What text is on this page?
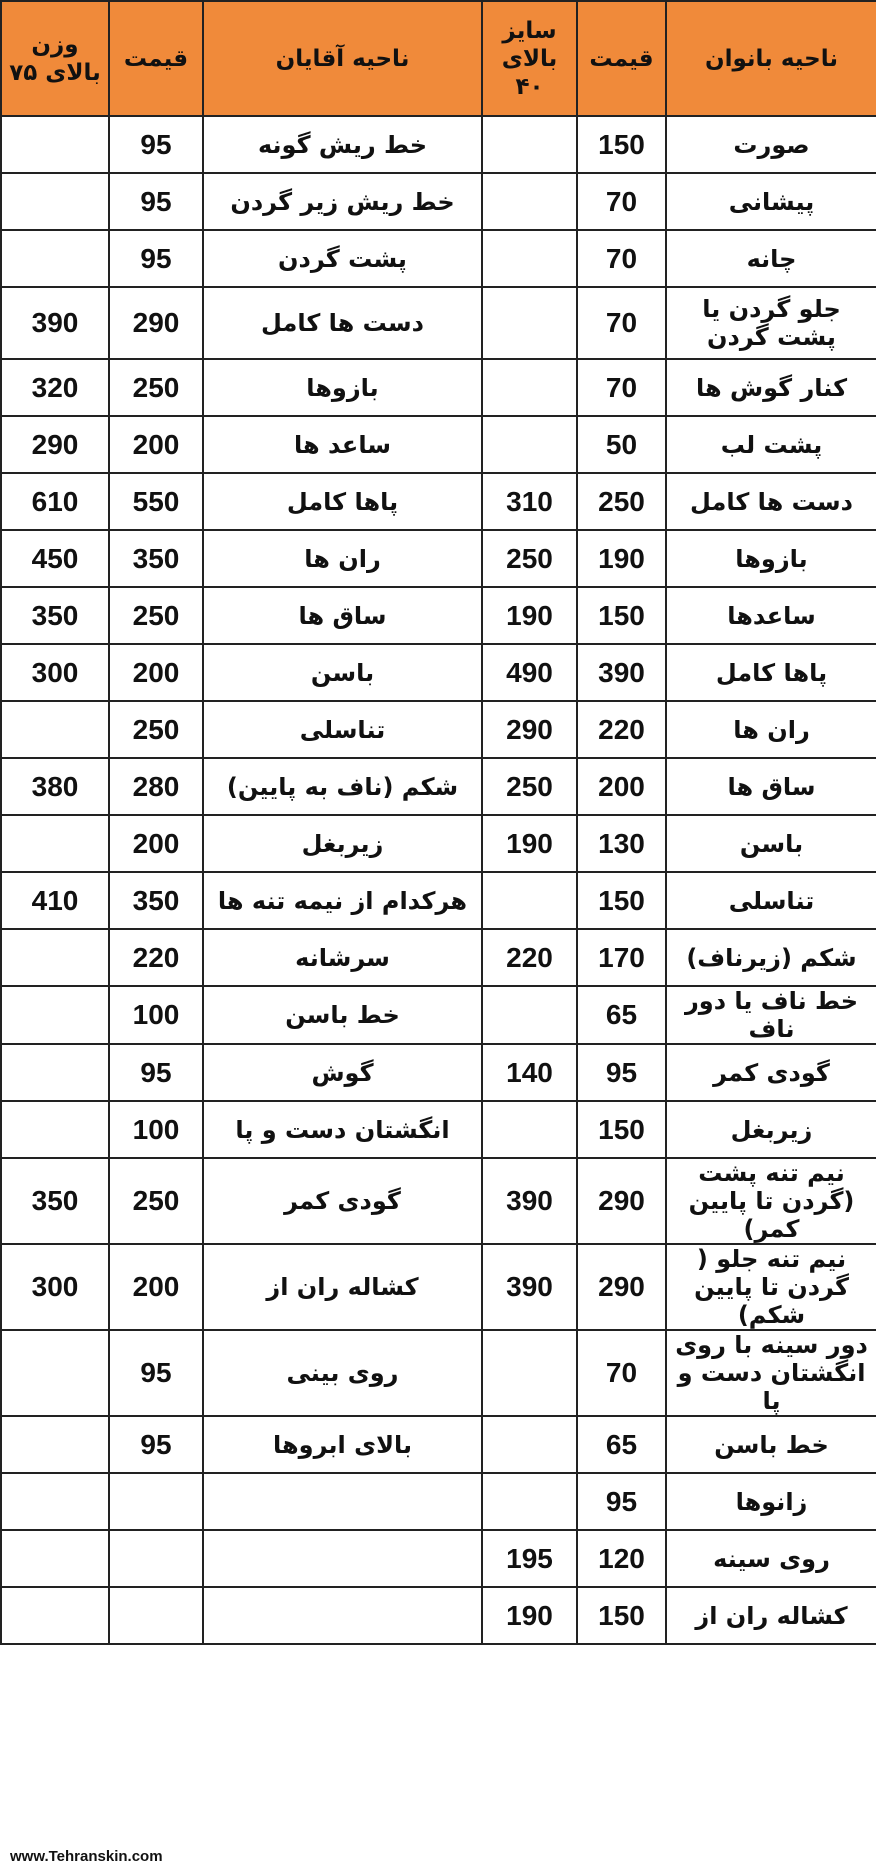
ناحیه بانوان	قیمت	سایز بالای ۴۰	ناحیه آقایان	قیمت	وزن بالای ۷۵
صورت	150		خط ریش گونه	95	
پیشانی	70		خط ریش زیر گردن	95	
چانه	70		پشت گردن	95	
جلو گردن یا پشت گردن	70		دست ها کامل	290	390
کنار گوش ها	70		بازوها	250	320
پشت لب	50		ساعد ها	200	290
دست ها کامل	250	310	پاها کامل	550	610
بازوها	190	250	ران ها	350	450
ساعدها	150	190	ساق ها	250	350
پاها کامل	390	490	باسن	200	300
ران ها	220	290	تناسلی	250	
ساق ها	200	250	شکم (ناف به پایین)	280	380
باسن	130	190	زیربغل	200	
تناسلی	150		هرکدام از نیمه تنه ها	350	410
شکم (زیرناف)	170	220	سرشانه	220	
خط ناف یا دور ناف	65		خط باسن	100	
گودی کمر	95	140	گوش	95	
زیربغل	150		انگشتان دست و پا	100	
نیم تنه پشت (گردن تا پایین کمر)	290	390	گودی کمر	250	350
نیم تنه جلو ( گردن تا پایین شکم)	290	390	کشاله ران از	200	300
دور سینه با روی انگشتان دست و پا	70		روی بینی	95	
خط باسن	65		بالای ابروها	95	
زانوها	95				
روی سینه	120	195			
کشاله ران از	150	190			
www.Tehranskin.com
